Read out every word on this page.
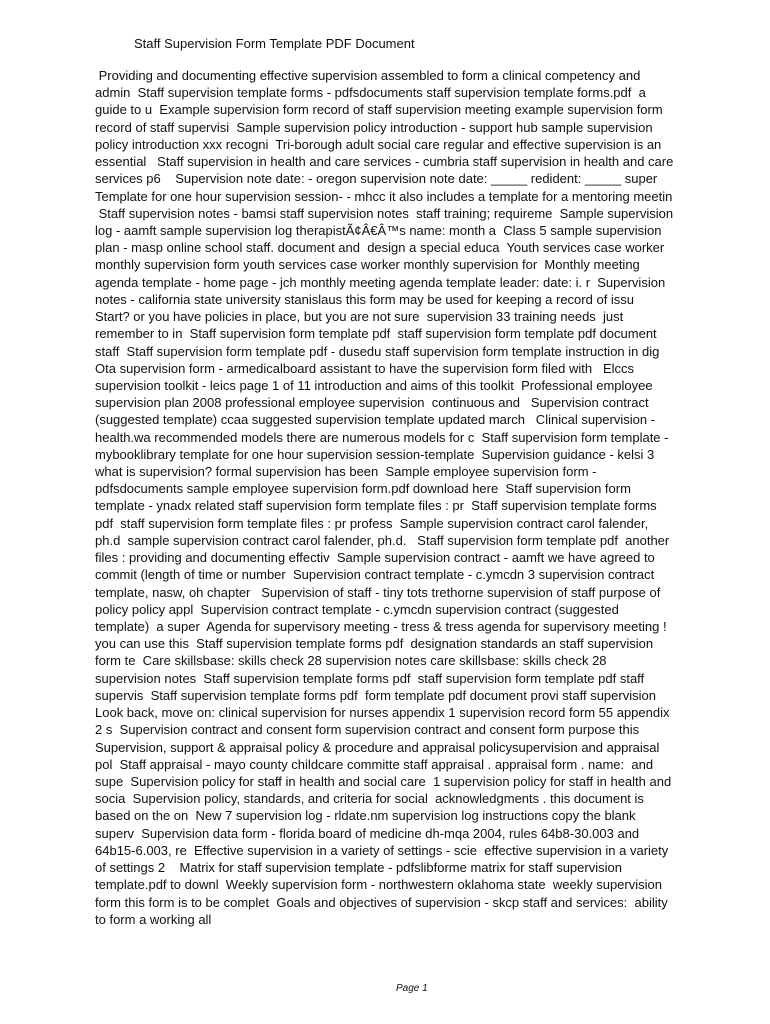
Staff Supervision Form Template PDF Document
Providing and documenting effective supervision assembled to form a clinical competency and
admin  Staff supervision template forms - pdfsdocuments staff supervision template forms.pdf  a
guide to u  Example supervision form record of staff supervision meeting example supervision form
record of staff supervisi  Sample supervision policy introduction - support hub sample supervision
policy introduction xxx recogni  Tri-borough adult social care regular and effective supervision is an
essential   Staff supervision in health and care services - cumbria staff supervision in health and care
services p6    Supervision note date: - oregon supervision note date: _____ redident: _____ super
Template for one hour supervision session- - mhcc it also includes a template for a mentoring meetin
Staff supervision notes - bamsi staff supervision notes  staff training; requireme  Sample supervision
log - aamft sample supervision log therapistÃ¢Â€Â™s name: month a  Class 5 sample supervision
plan - masp online school staff. document and  design a special educa  Youth services case worker
monthly supervision form youth services case worker monthly supervision for  Monthly meeting
agenda template - home page - jch monthly meeting agenda template leader: date: i. r  Supervision
notes - california state university stanislaus this form may be used for keeping a record of issu
Start? or you have policies in place, but you are not sure  supervision 33 training needs  just
remember to in  Staff supervision form template pdf  staff supervision form template pdf document
staff  Staff supervision form template pdf - dusedu staff supervision form template instruction in dig
Ota supervision form - armedicalboard assistant to have the supervision form filed with   Elccs
supervision toolkit - leics page 1 of 11 introduction and aims of this toolkit  Professional employee
supervision plan 2008 professional employee supervision  continuous and   Supervision contract
(suggested template) ccaa suggested supervision template updated march   Clinical supervision -
health.wa recommended models there are numerous models for c  Staff supervision form template -
mybooklibrary template for one hour supervision session-template  Supervision guidance - kelsi 3
what is supervision? formal supervision has been  Sample employee supervision form -
pdfsdocuments sample employee supervision form.pdf download here  Staff supervision form
template - ynadx related staff supervision form template files : pr  Staff supervision template forms
pdf  staff supervision form template files : pr profess  Sample supervision contract carol falender,
ph.d  sample supervision contract carol falender, ph.d.   Staff supervision form template pdf  another
files : providing and documenting effectiv  Sample supervision contract - aamft we have agreed to
commit (length of time or number  Supervision contract template - c.ymcdn 3 supervision contract
template, nasw, oh chapter   Supervision of staff - tiny tots trethorne supervision of staff purpose of
policy policy appl  Supervision contract template - c.ymcdn supervision contract (suggested
template)  a super  Agenda for supervisory meeting - tress & tress agenda for supervisory meeting !
you can use this  Staff supervision template forms pdf  designation standards an staff supervision
form te  Care skillsbase: skills check 28 supervision notes care skillsbase: skills check 28
supervision notes  Staff supervision template forms pdf  staff supervision form template pdf staff
supervis  Staff supervision template forms pdf  form template pdf document provi staff supervision
Look back, move on: clinical supervision for nurses appendix 1 supervision record form 55 appendix
2 s  Supervision contract and consent form supervision contract and consent form purpose this
Supervision, support & appraisal policy & procedure and appraisal policysupervision and appraisal
pol  Staff appraisal - mayo county childcare committe staff appraisal . appraisal form . name:  and
supe  Supervision policy for staff in health and social care  1 supervision policy for staff in health and
socia  Supervision policy, standards, and criteria for social  acknowledgments . this document is
based on the on  New 7 supervision log - rldate.nm supervision log instructions copy the blank
superv  Supervision data form - florida board of medicine dh-mqa 2004, rules 64b8-30.003 and
64b15-6.003, re  Effective supervision in a variety of settings - scie  effective supervision in a variety
of settings 2    Matrix for staff supervision template - pdfslibforme matrix for staff supervision
template.pdf to downl  Weekly supervision form - northwestern oklahoma state  weekly supervision
form this form is to be complet  Goals and objectives of supervision - skcp staff and services:  ability
to form a working all
Page 1
